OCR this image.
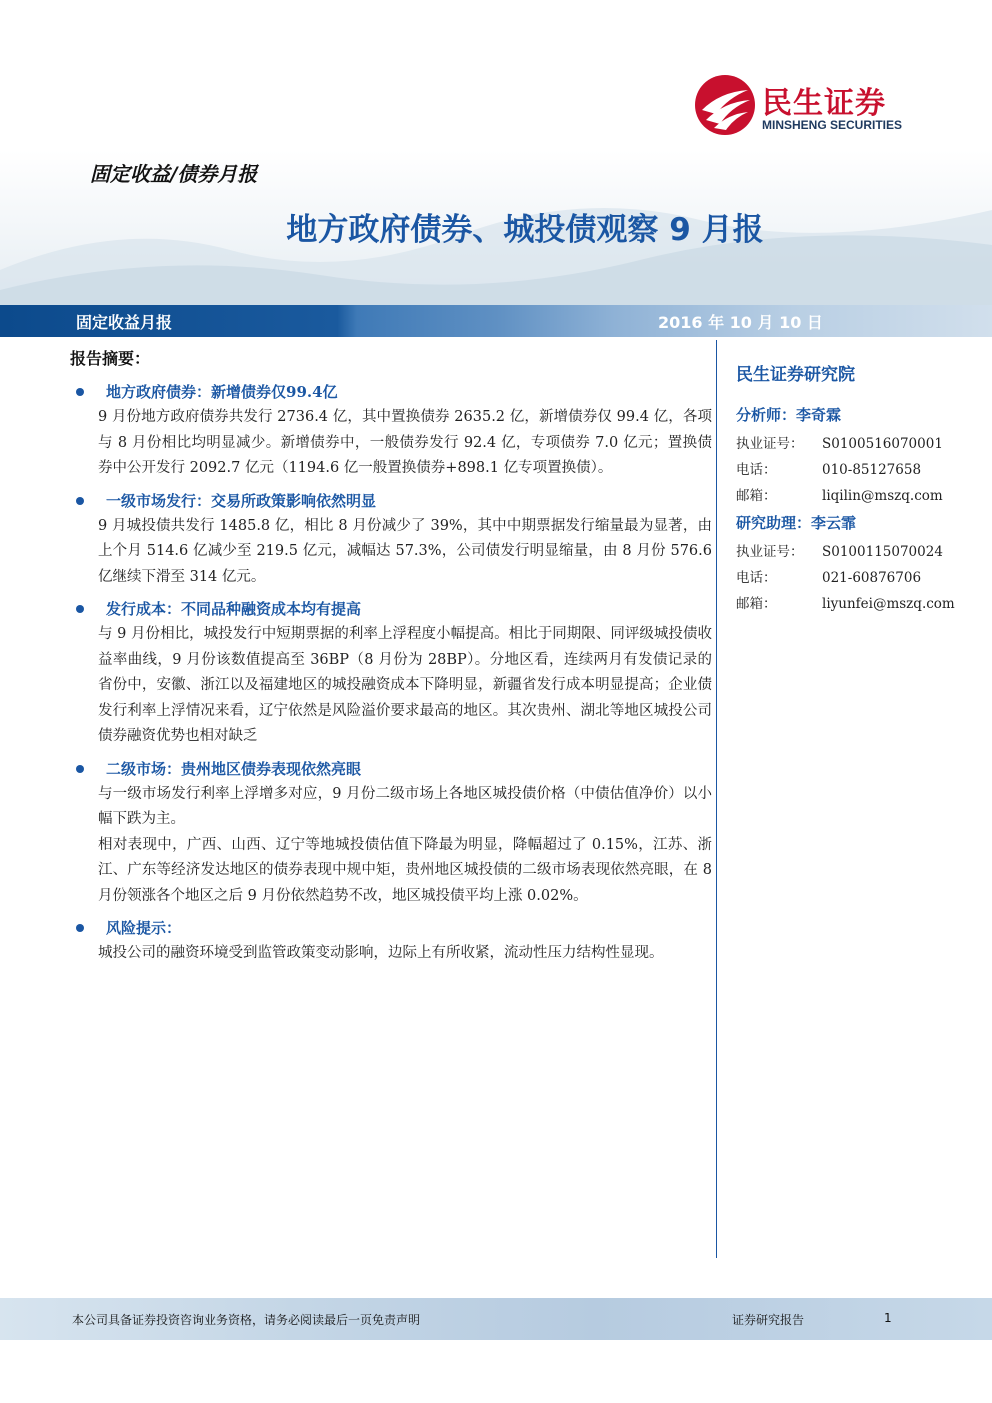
民生证券
MINSHENG SECURITIES
固定收益/债券月报
地方政府债券、城投债观察 9 月报
固定收益月报	2016 年 10 月 10 日
报告摘要：
地方政府债券：新增债券仅99.4亿

9 月份地方政府债券共发行 2736.4 亿，其中置换债券 2635.2 亿，新增债券仅 99.4 亿，各项与 8 月份相比均明显减少。新增债券中，一般债券发行 92.4 亿，专项债券 7.0 亿元；置换债券中公开发行 2092.7 亿元（1194.6 亿一般置换债券+898.1 亿专项置换债）。

一级市场发行：交易所政策影响依然明显

9 月城投债共发行 1485.8 亿，相比 8 月份减少了 39%，其中中期票据发行缩量最为显著，由上个月 514.6 亿减少至 219.5 亿元，减幅达 57.3%，公司债发行明显缩量，由 8 月份 576.6 亿继续下滑至 314 亿元。

发行成本：不同品种融资成本均有提高

与 9 月份相比，城投发行中短期票据的利率上浮程度小幅提高。相比于同期限、同评级城投债收益率曲线，9 月份该数值提高至 36BP（8 月份为 28BP）。分地区看，连续两月有发债记录的省份中，安徽、浙江以及福建地区的城投融资成本下降明显，新疆省发行成本明显提高；企业债发行利率上浮情况来看，辽宁依然是风险溢价要求最高的地区。其次贵州、湖北等地区城投公司债券融资优势也相对缺乏

二级市场：贵州地区债券表现依然亮眼

与一级市场发行利率上浮增多对应，9 月份二级市场上各地区城投债价格（中债估值净价）以小幅下跌为主。

相对表现中，广西、山西、辽宁等地城投债估值下降最为明显，降幅超过了 0.15%，江苏、浙江、广东等经济发达地区的债券表现中规中矩，贵州地区城投债的二级市场表现依然亮眼，在 8 月份领涨各个地区之后 9 月份依然趋势不改，地区城投债平均上涨 0.02%。

风险提示：

城投公司的融资环境受到监管政策变动影响，边际上有所收紧，流动性压力结构性显现。

民生证券研究院
分析师：李奇霖
执业证号：	S0100516070001
电话：	010-85127658
邮箱：	liqilin@mszq.com
研究助理：李云霏
执业证号：	S0100115070024
电话：	021-60876706
邮箱：	liyunfei@mszq.com
本公司具备证券投资咨询业务资格，请务必阅读最后一页免责声明	证券研究报告	1
